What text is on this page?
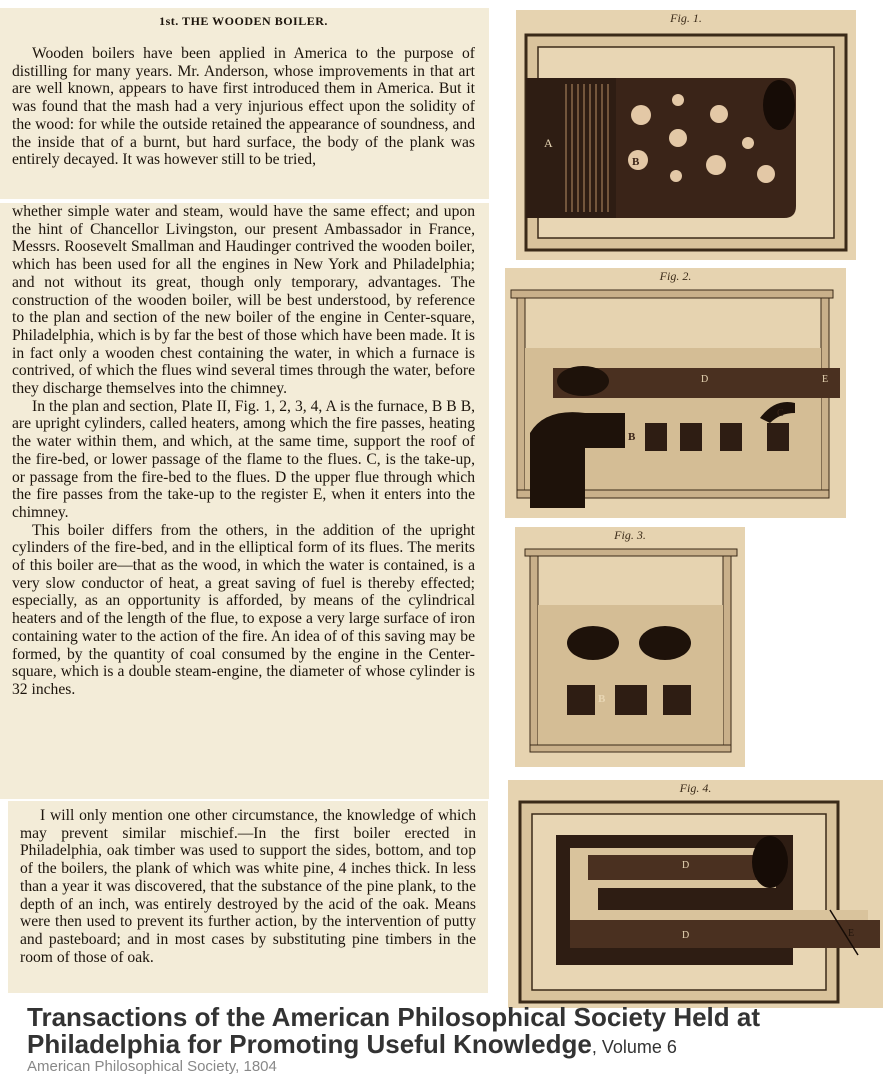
1st. THE WOODEN BOILER.

Wooden boilers have been applied in America to the purpose of distilling for many years. Mr. Anderson, whose improvements in that art are well known, appears to have first introduced them in America. But it was found that the mash had a very injurious effect upon the solidity of the wood: for while the outside retained the appearance of soundness, and the inside that of a burnt, but hard surface, the body of the plank was entirely decayed. It was however still to be tried,

whether simple water and steam, would have the same effect; and upon the hint of Chancellor Livingston, our present Ambassador in France, Messrs. Roosevelt Smallman and Haudinger contrived the wooden boiler, which has been used for all the engines in New York and Philadelphia; and not without its great, though only temporary, advantages. The construction of the wooden boiler, will be best understood, by reference to the plan and section of the new boiler of the engine in Center-square, Philadelphia, which is by far the best of those which have been made. It is in fact only a wooden chest containing the water, in which a furnace is contrived, of which the flues wind several times through the water, before they discharge themselves into the chimney.

In the plan and section, Plate II, Fig. 1, 2, 3, 4, A is the furnace, B B B, are upright cylinders, called heaters, among which the fire passes, heating the water within them, and which, at the same time, support the roof of the fire-bed, or lower passage of the flame to the flues. C, is the take-up, or passage from the fire-bed to the flues. D the upper flue through which the fire passes from the take-up to the register E, when it enters into the chimney.

This boiler differs from the others, in the addition of the upright cylinders of the fire-bed, and in the elliptical form of its flues. The merits of this boiler are—that as the wood, in which the water is contained, is a very slow conductor of heat, a great saving of fuel is thereby effected; especially, as an opportunity is afforded, by means of the cylindrical heaters and of the length of the flue, to expose a very large surface of iron containing water to the action of the fire. An idea of of this saving may be formed, by the quantity of coal consumed by the engine in the Center-square, which is a double steam-engine, the diameter of whose cylinder is 32 inches.

I will only mention one other circumstance, the knowledge of which may prevent similar mischief.—In the first boiler erected in Philadelphia, oak timber was used to support the sides, bottom, and top of the boilers, the plank of which was white pine, 4 inches thick. In less than a year it was discovered, that the substance of the pine plank, to the depth of an inch, was entirely destroyed by the acid of the oak. Means were then used to prevent its further action, by the intervention of putty and pasteboard; and in most cases by substituting pine timbers in the room of those of oak.

Fig. 1.
A
B
Fig. 2.
D	E
C
B
Fig. 3.
B
Fig. 4.
D
D	E
Transactions of the American Philosophical Society Held at Philadelphia for Promoting Useful Knowledge, Volume 6
American Philosophical Society, 1804
